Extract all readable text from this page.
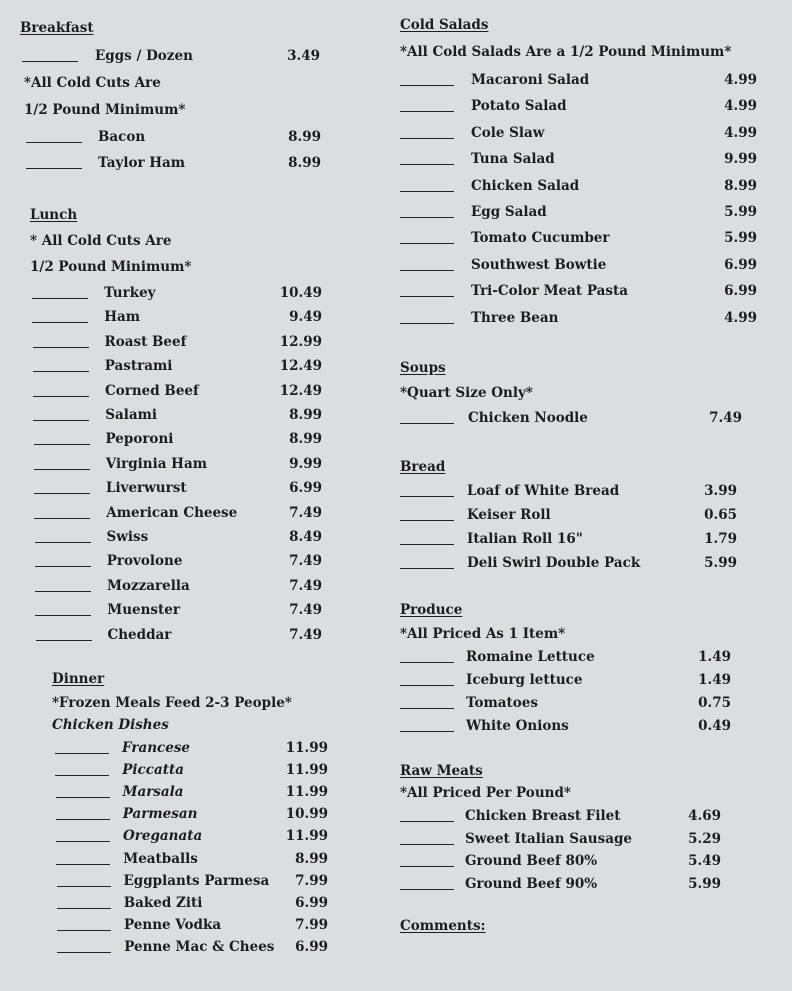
Breakfast
Eggs / Dozen	3.49
*All Cold Cuts Are
1/2 Pound Minimum*
Bacon	8.99
Taylor Ham	8.99
Lunch
* All Cold Cuts Are
1/2 Pound Minimum*
Turkey	10.49
Ham	9.49
Roast Beef	12.99
Pastrami	12.49
Corned Beef	12.49
Salami	8.99
Peporoni	8.99
Virginia Ham	9.99
Liverwurst	6.99
American Cheese	7.49
Swiss	8.49
Provolone	7.49
Mozzarella	7.49
Muenster	7.49
Cheddar	7.49
Dinner
*Frozen Meals Feed 2-3 People*
Chicken Dishes
Francese	11.99
Piccatta	11.99
Marsala	11.99
Parmesan	10.99
Oreganata	11.99
Meatballs	8.99
Eggplants Parmesa	7.99
Baked Ziti	6.99
Penne Vodka	7.99
Penne Mac & Chees	6.99
Cold Salads
*All Cold Salads Are a 1/2 Pound Minimum*
Macaroni Salad	4.99
Potato Salad	4.99
Cole Slaw	4.99
Tuna Salad	9.99
Chicken Salad	8.99
Egg Salad	5.99
Tomato Cucumber	5.99
Southwest Bowtie	6.99
Tri-Color Meat Pasta	6.99
Three Bean	4.99
Soups
*Quart Size Only*
Chicken Noodle	7.49
Bread
Loaf of White Bread	3.99
Keiser Roll	0.65
Italian Roll 16"	1.79
Deli Swirl Double Pack	5.99
Produce
*All Priced As 1 Item*
Romaine Lettuce	1.49
Iceburg lettuce	1.49
Tomatoes	0.75
White Onions	0.49
Raw Meats
*All Priced Per Pound*
Chicken Breast Filet	4.69
Sweet Italian Sausage	5.29
Ground Beef 80%	5.49
Ground Beef 90%	5.99
Comments:
